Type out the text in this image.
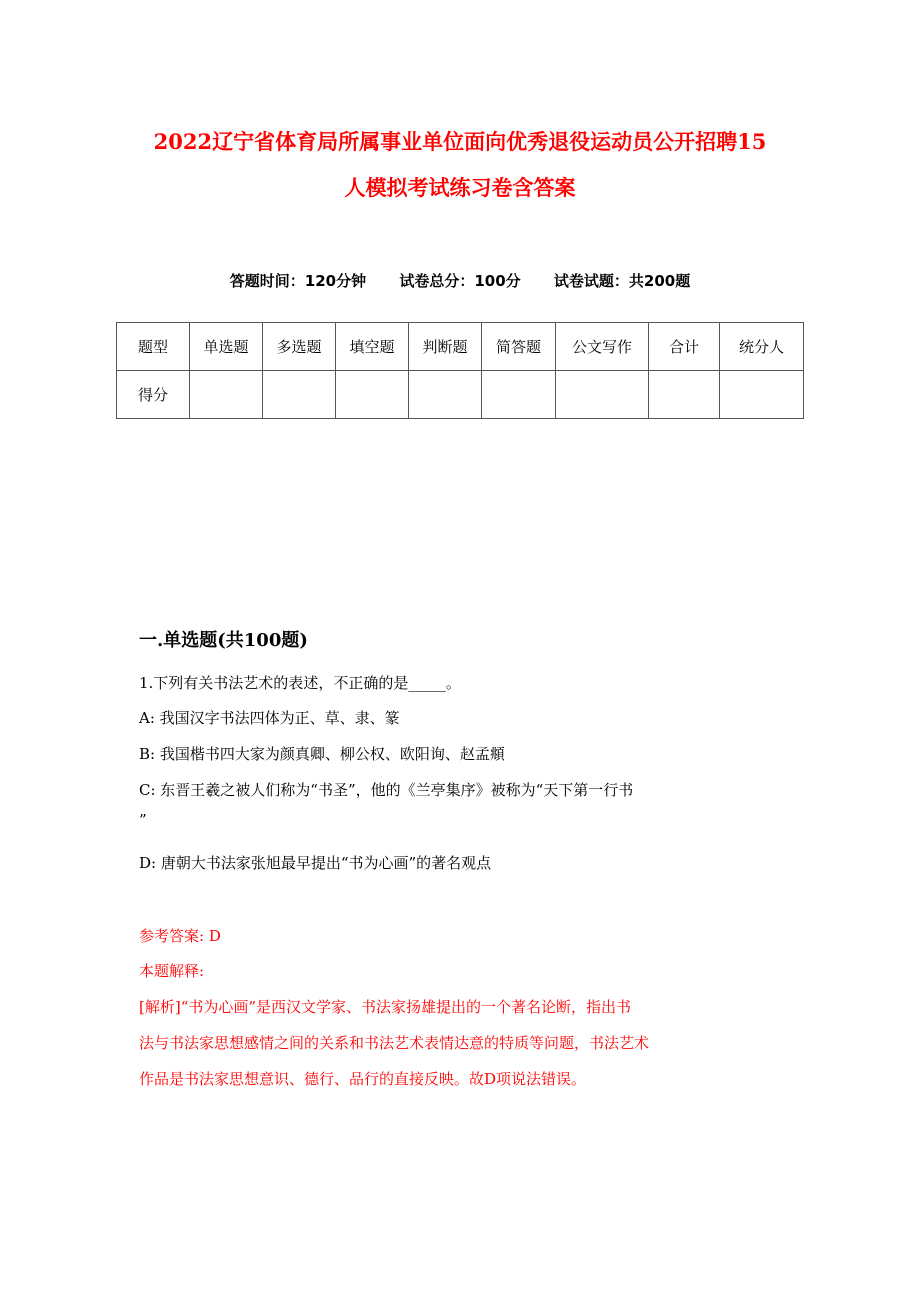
2022辽宁省体育局所属事业单位面向优秀退役运动员公开招聘15
人模拟考试练习卷含答案
答题时间：120分钟 试卷总分：100分 试卷试题：共200题
题型	单选题	多选题	填空题	判断题	简答题	公文写作	合计	统分人
得分								
一.单选题(共100题)
1.下列有关书法艺术的表述，不正确的是_____。
A: 我国汉字书法四体为正、草、隶、篆
B: 我国楷书四大家为颜真卿、柳公权、欧阳询、赵孟頫
C: 东晋王羲之被人们称为“书圣”，他的《兰亭集序》被称为“天下第一行书
”
D: 唐朝大书法家张旭最早提出“书为心画”的著名观点
参考答案: D
本题解释:
[解析]“书为心画”是西汉文学家、书法家扬雄提出的一个著名论断，指出书
法与书法家思想感情之间的关系和书法艺术表情达意的特质等问题，书法艺术
作品是书法家思想意识、德行、品行的直接反映。故D项说法错误。
